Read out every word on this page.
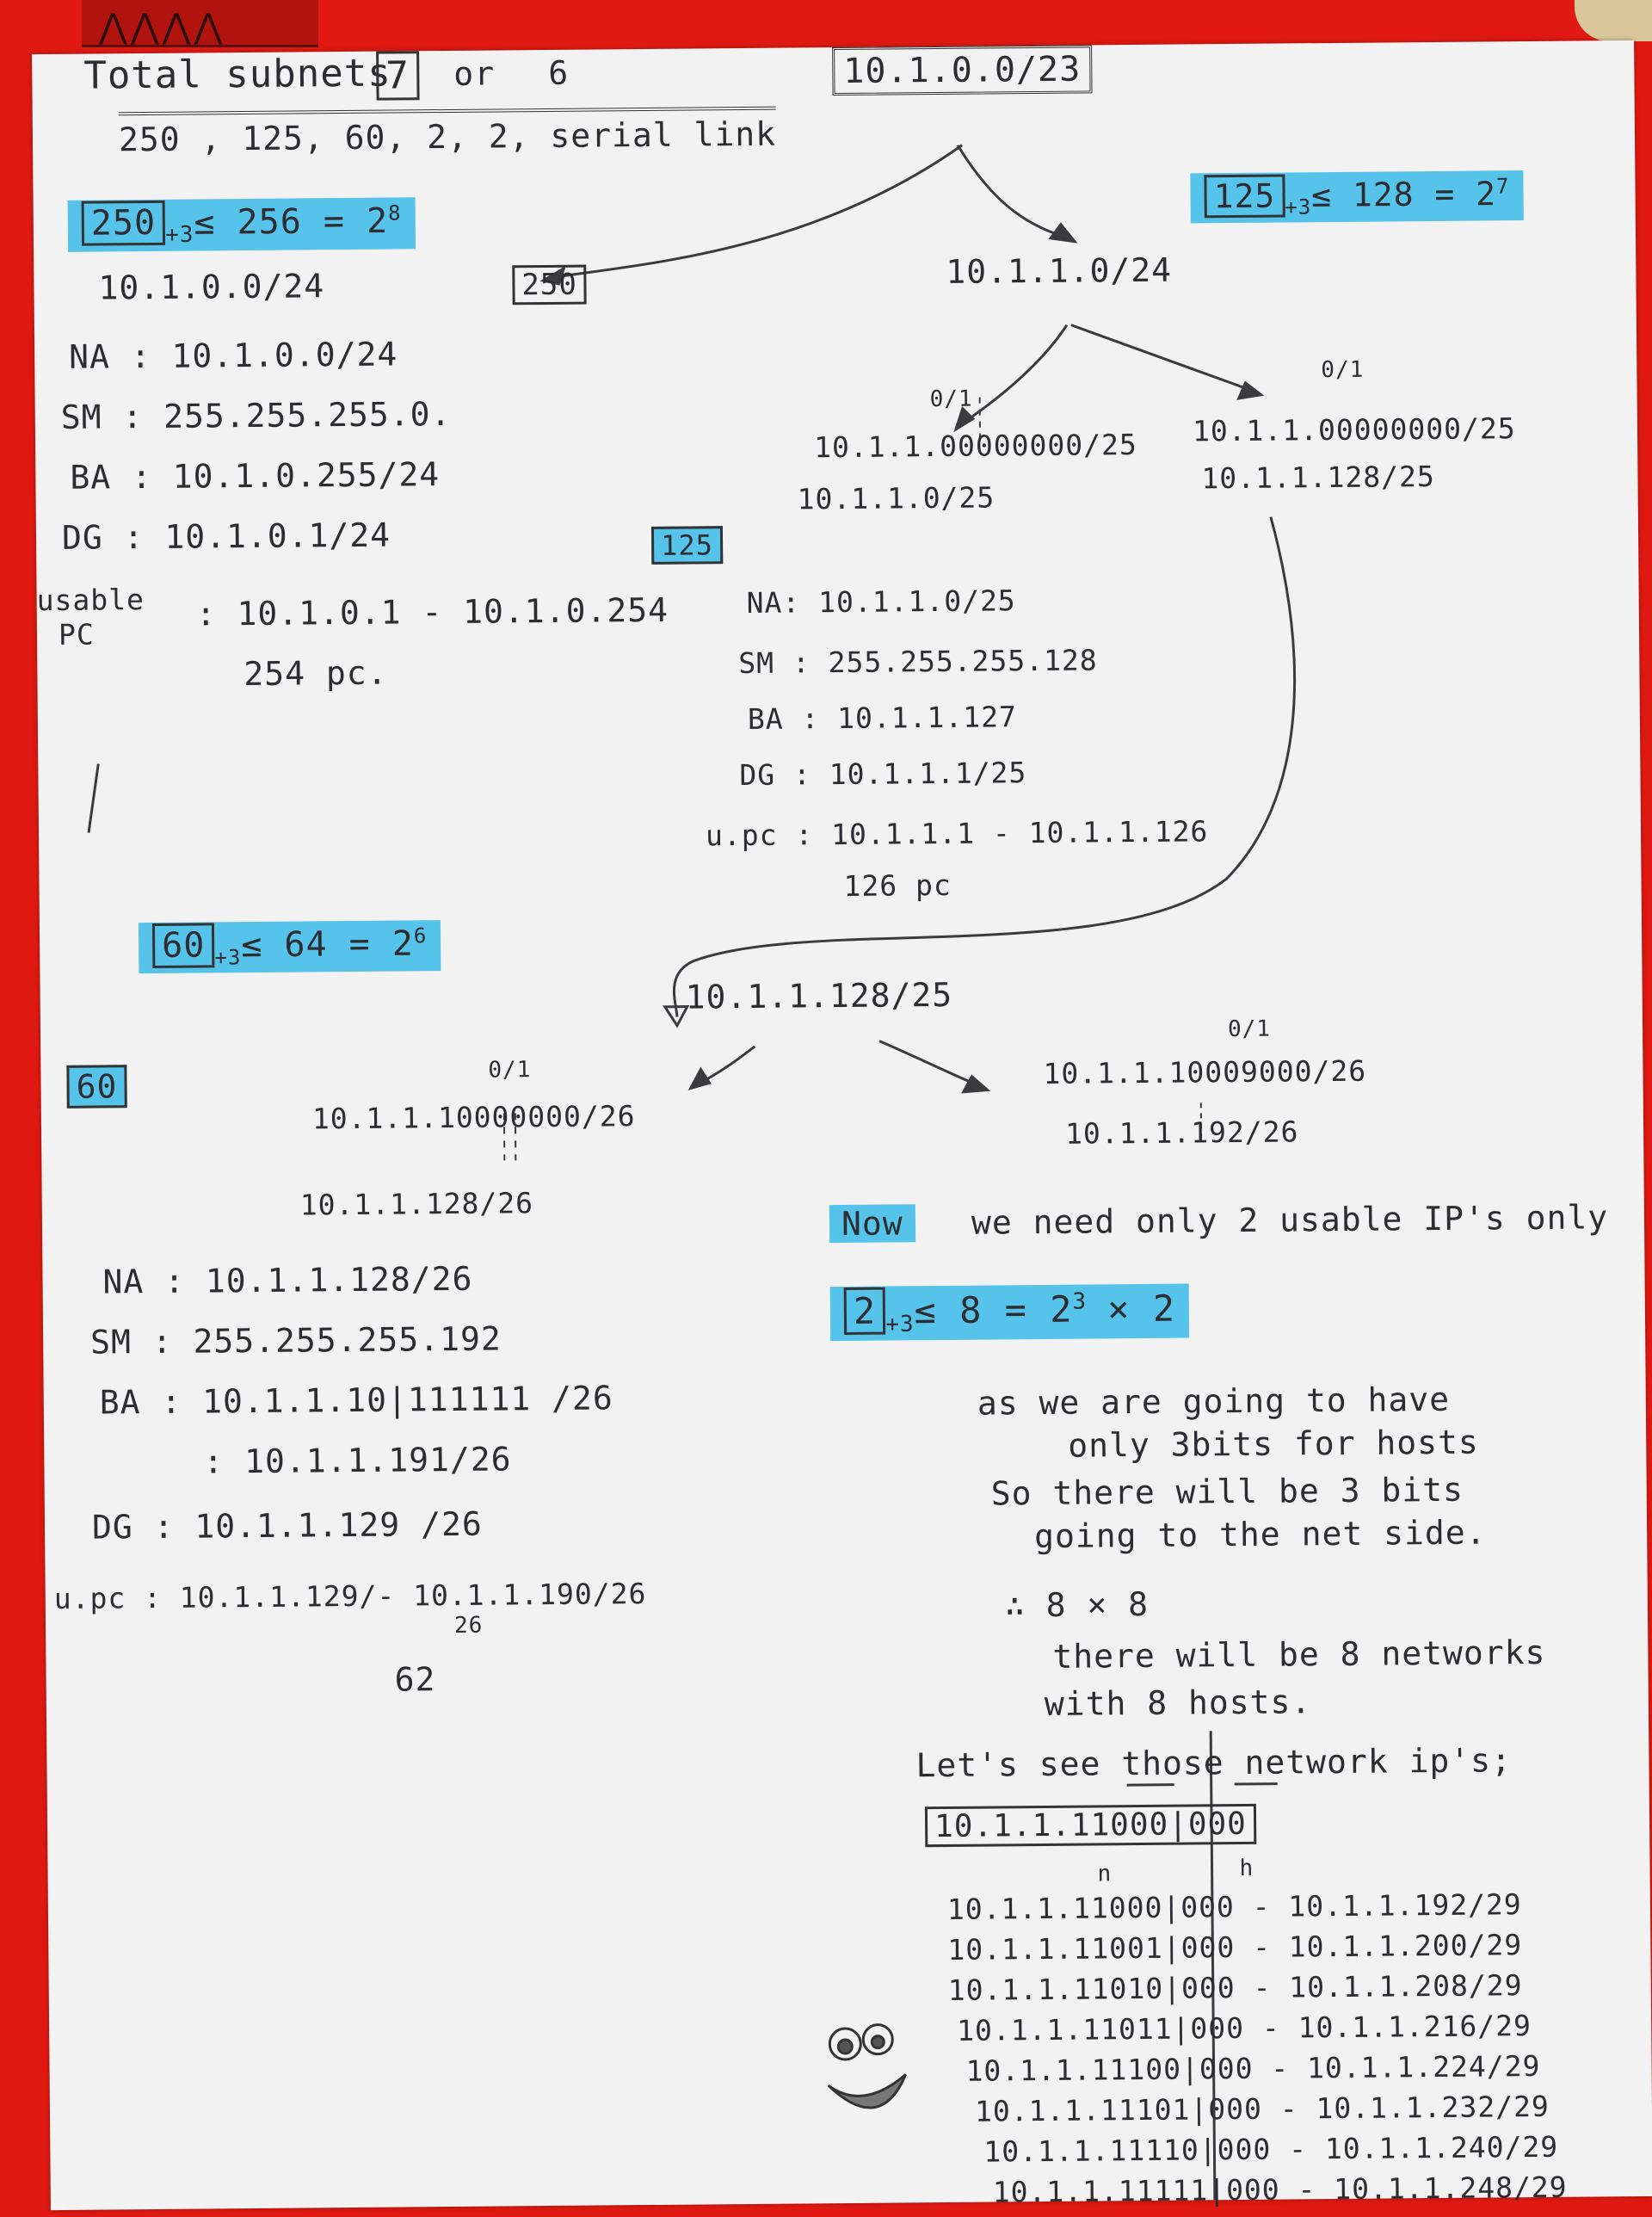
⋀⋀⋀⋀
Total subnets
7 or 6	10.1.0.0/23
250 , 125, 60, 2, 2, serial link
250 $_{+3}\le 256 = 2^8$
10.1.0.0/24	250
NA : 10.1.0.0/24
SM : 255.255.255.0.
BA : 10.1.0.255/24
DG : 10.1.0.1/24
usable
PC
: 10.1.0.1 - 10.1.0.254
254 pc.
125 $_{+3}\le 128 = 2^7$
10.1.1.0/24
0/1
0/1
10.1.1.00000000/25
10.1.1.0/25
10.1.1.00000000/25
10.1.1.128/25
125
NA: 10.1.1.0/25
SM : 255.255.255.128
BA : 10.1.1.127
DG : 10.1.1.1/25
u.pc : 10.1.1.1 - 10.1.1.126
126 pc
60 $_{+3}\le 64 = 2^6$
10.1.1.128/25
60	0/1
0/1
10.1.1.10000000/26
10.1.1.10009000/26
10.1.1.192/26
10.1.1.128/26
NA : 10.1.1.128/26
SM : 255.255.255.192
BA : 10.1.1.10|111111 /26
: 10.1.1.191/26
DG : 10.1.1.129 /26
u.pc : 10.1.1.129/- 10.1.1.190/26
26
62
Now	we need only 2 usable IP's only
2 $_{+3}\le 8 = 2^3 \times 2$
as we are going to have
only 3bits for hosts
So there will be 3 bits
going to the net side.
∴ 8 × 8
there will be 8 networks
with 8 hosts.
Let's see those network ip's;
10.1.1.11000|000
n	h
10.1.1.11000|000 - 10.1.1.192/29
10.1.1.11001|000 - 10.1.1.200/29
10.1.1.11010|000 - 10.1.1.208/29
10.1.1.11011|000 - 10.1.1.216/29
10.1.1.11100|000 - 10.1.1.224/29
10.1.1.11101|000 - 10.1.1.232/29
10.1.1.11110|000 - 10.1.1.240/29
10.1.1.11111|000 - 10.1.1.248/29
